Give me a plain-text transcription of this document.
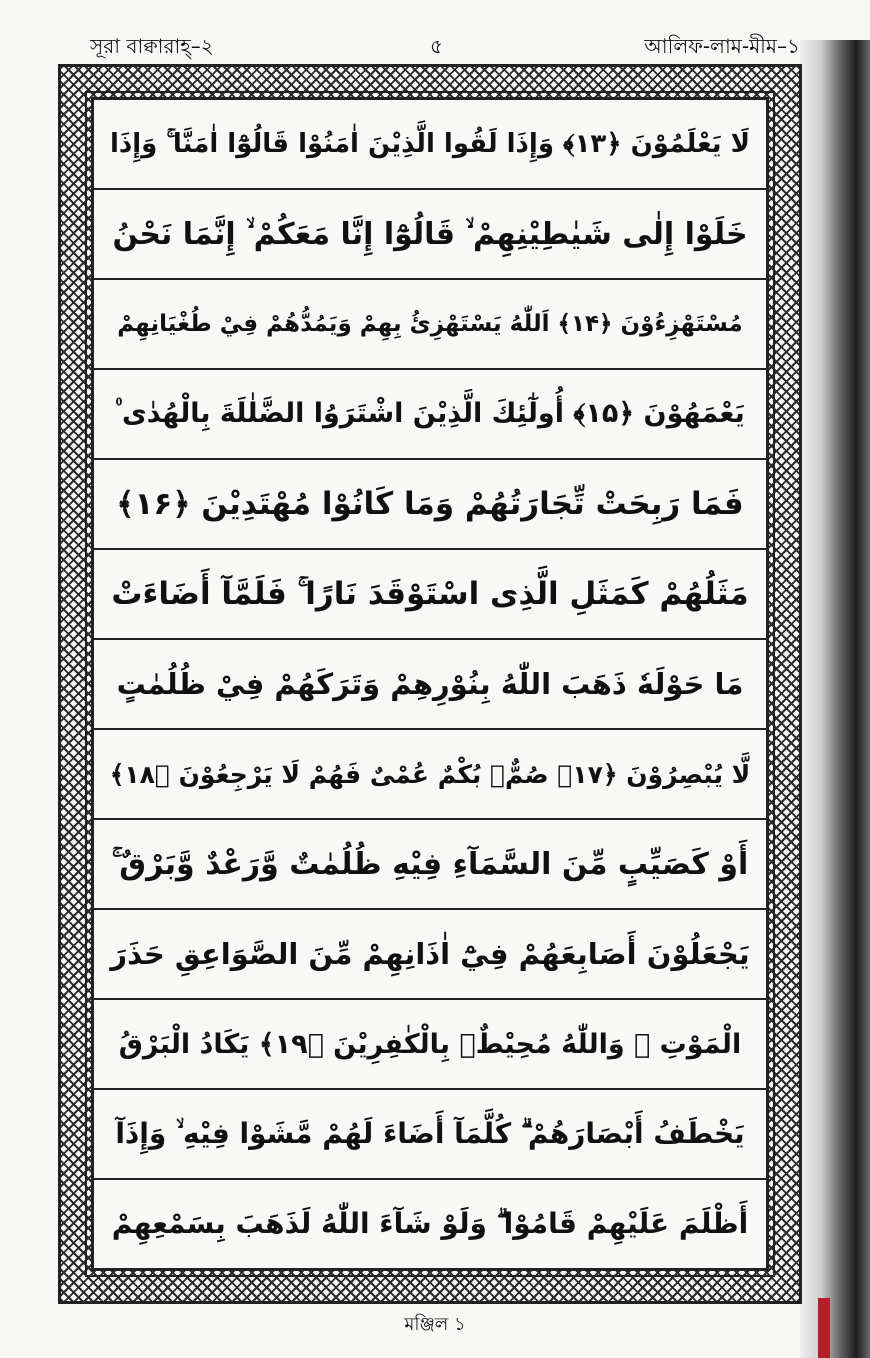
সূরা বাক্বারাহ্‌–২	৫	আলিফ-লাম-মীম–১
لَا يَعْلَمُوْنَ ﴿۱۳﴾ وَإِذَا لَقُوا الَّذِيْنَ اٰمَنُوْا قَالُوْٓا اٰمَنَّا ۚ وَإِذَا
خَلَوْا إِلٰى شَيٰطِيْنِهِمْ ۙ قَالُوْٓا إِنَّا مَعَكُمْ ۙ إِنَّمَا نَحْنُ
مُسْتَهْزِءُوْنَ ﴿۱۴﴾ اَللّٰهُ يَسْتَهْزِئُ بِهِمْ وَيَمُدُّهُمْ فِيْ طُغْيَانِهِمْ
يَعْمَهُوْنَ ﴿۱۵﴾ أُولٰٓئِكَ الَّذِيْنَ اشْتَرَوُا الضَّلٰلَةَ بِالْهُدٰى ۠
فَمَا رَبِحَتْ تِّجَارَتُهُمْ وَمَا كَانُوْا مُهْتَدِيْنَ ﴿۱۶﴾
مَثَلُهُمْ كَمَثَلِ الَّذِى اسْتَوْقَدَ نَارًا ۚ فَلَمَّآ أَضَاءَتْ
مَا حَوْلَهٗ ذَهَبَ اللّٰهُ بِنُوْرِهِمْ وَتَرَكَهُمْ فِيْ ظُلُمٰتٍ
لَّا يُبْصِرُوْنَ ﴿۱۷﴾ صُمٌّۢ بُكْمٌ عُمْىٌ فَهُمْ لَا يَرْجِعُوْنَ ﴿۱۸﴾
أَوْ كَصَيِّبٍ مِّنَ السَّمَآءِ فِيْهِ ظُلُمٰتٌ وَّرَعْدٌ وَّبَرْقٌ ۚ
يَجْعَلُوْنَ أَصَابِعَهُمْ فِيْٓ اٰذَانِهِمْ مِّنَ الصَّوَاعِقِ حَذَرَ
الْمَوْتِ ۗ وَاللّٰهُ مُحِيْطٌۢ بِالْكٰفِرِيْنَ ﴿۱۹﴾ يَكَادُ الْبَرْقُ
يَخْطَفُ أَبْصَارَهُمْ ۗ كُلَّمَآ أَضَاءَ لَهُمْ مَّشَوْا فِيْهِ ۙ وَإِذَآ
أَظْلَمَ عَلَيْهِمْ قَامُوْا ۗ وَلَوْ شَآءَ اللّٰهُ لَذَهَبَ بِسَمْعِهِمْ
মঞ্জিল ১
